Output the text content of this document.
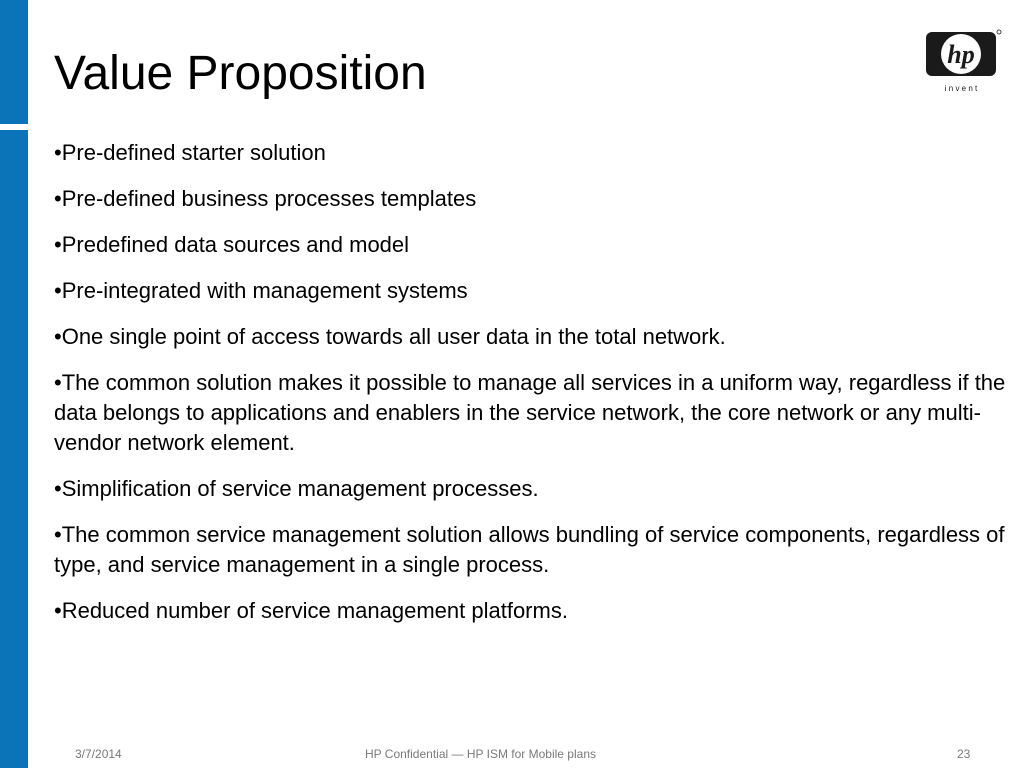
Value Proposition	hp
i n v e n t
•Pre-defined starter solution
•Pre-defined business processes templates
•Predefined data sources and model
•Pre-integrated with management systems
•One single point of access towards all user data in the total network.
•The common solution makes it possible to manage all services in a uniform way, regardless if the data belongs to applications and enablers in the service network, the core network or any multi-vendor network element.
•Simplification of service management processes.
•The common service management solution allows bundling of service components, regardless of type, and service management in a single process.
•Reduced number of service management platforms.
3/7/2014	HP Confidential — HP ISM for Mobile plans	23
